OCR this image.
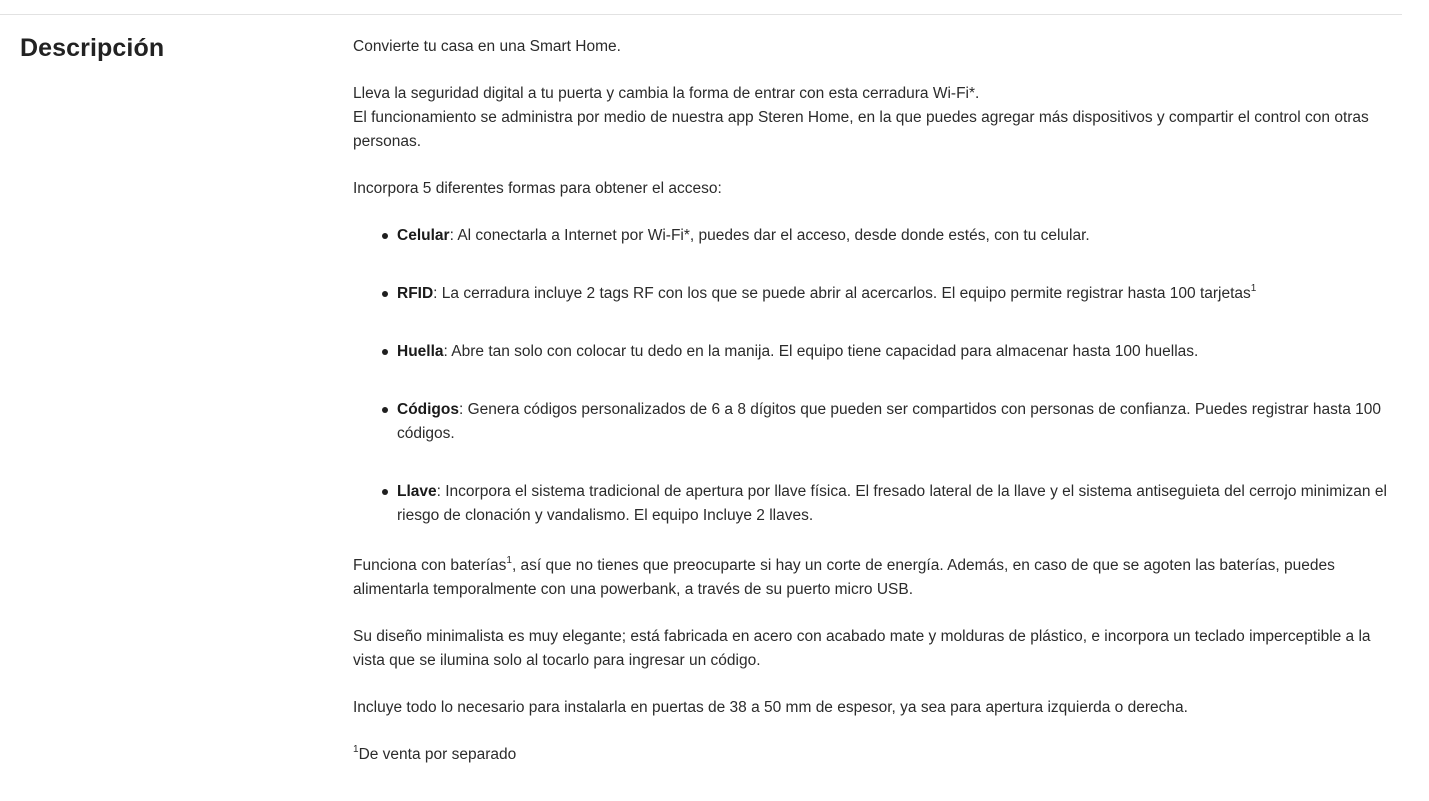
Descripción	Convierte tu casa en una Smart Home.

Lleva la seguridad digital a tu puerta y cambia la forma de entrar con esta cerradura Wi-Fi*.
El funcionamiento se administra por medio de nuestra app Steren Home, en la que puedes agregar más dispositivos y compartir el control con otras personas.

Incorpora 5 diferentes formas para obtener el acceso:

Celular: Al conectarla a Internet por Wi-Fi*, puedes dar el acceso, desde donde estés, con tu celular.
RFID: La cerradura incluye 2 tags RF con los que se puede abrir al acercarlos. El equipo permite registrar hasta 100 tarjetas$^1$
Huella: Abre tan solo con colocar tu dedo en la manija. El equipo tiene capacidad para almacenar hasta 100 huellas.
Códigos: Genera códigos personalizados de 6 a 8 dígitos que pueden ser compartidos con personas de confianza. Puedes registrar hasta 100 códigos.
Llave: Incorpora el sistema tradicional de apertura por llave física. El fresado lateral de la llave y el sistema antiseguieta del cerrojo minimizan el riesgo de clonación y vandalismo. El equipo Incluye 2 llaves.

Funciona con baterías$^1$, así que no tienes que preocuparte si hay un corte de energía. Además, en caso de que se agoten las baterías, puedes alimentarla temporalmente con una powerbank, a través de su puerto micro USB.

Su diseño minimalista es muy elegante; está fabricada en acero con acabado mate y molduras de plástico, e incorpora un teclado imperceptible a la vista que se ilumina solo al tocarlo para ingresar un código.

Incluye todo lo necesario para instalarla en puertas de 38 a 50 mm de espesor, ya sea para apertura izquierda o derecha.

$^1$De venta por separado
